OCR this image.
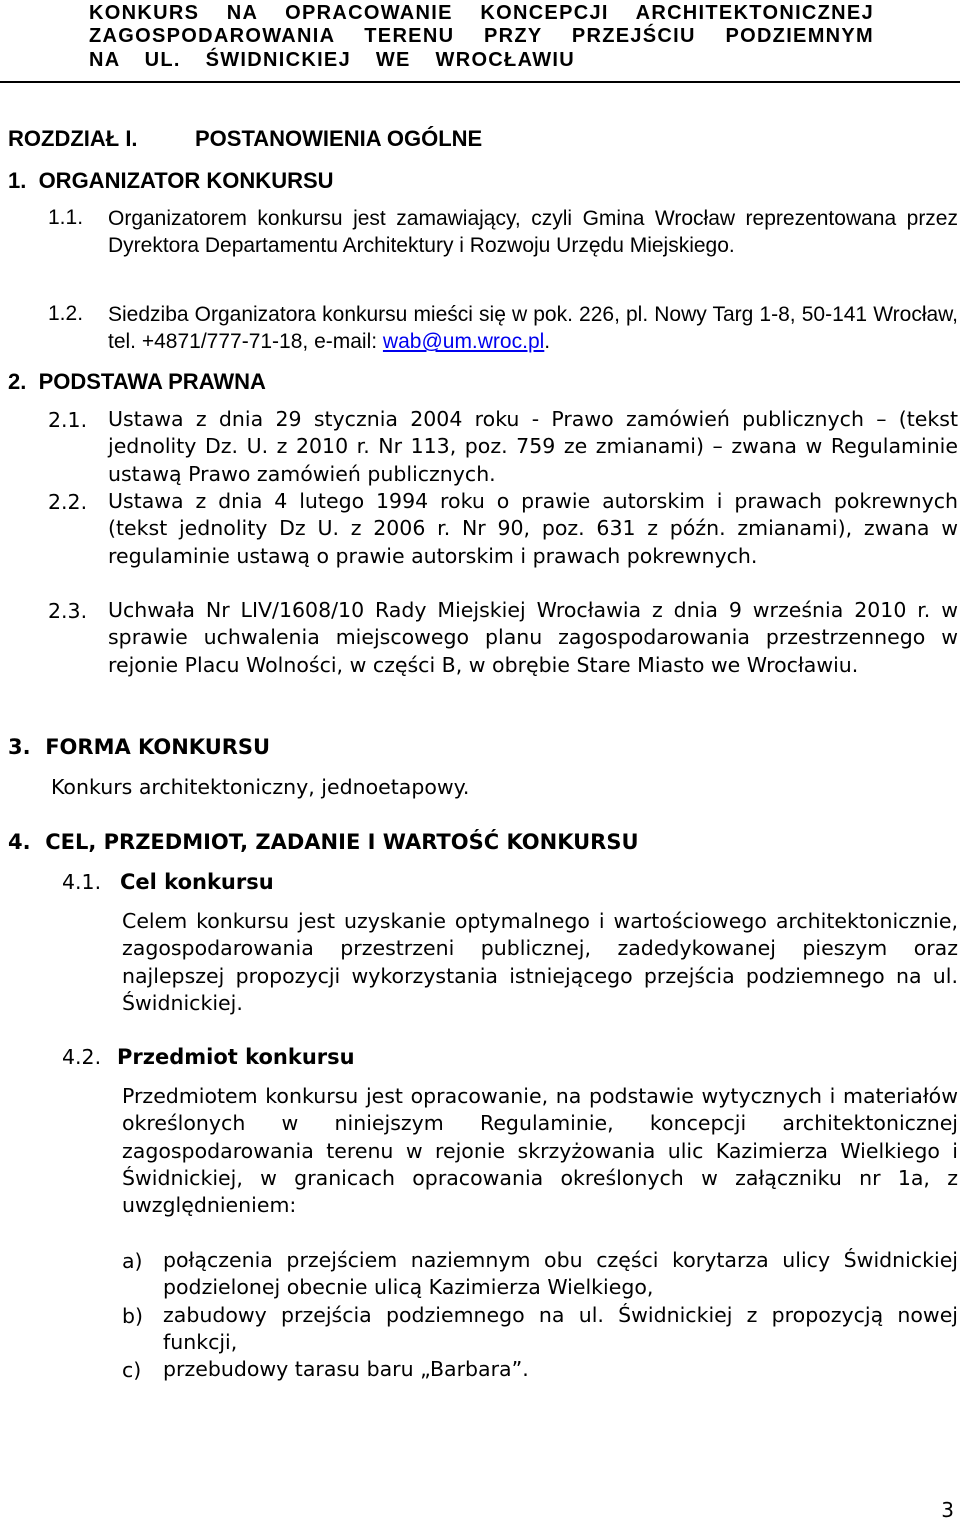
KONKURS NA OPRACOWANIE KONCEPCJI ARCHITEKTONICZNEJ
ZAGOSPODAROWANIA TERENU PRZY PRZEJŚCIU PODZIEMNYM
NA UL. ŚWIDNICKIEJ WE WROCŁAWIU
ROZDZIAŁ I.	POSTANOWIENIA OGÓLNE
1.  ORGANIZATOR KONKURSU
1.1. Organizatorem konkursu jest zamawiający, czyli Gmina Wrocław reprezentowana przez Dyrektora Departamentu Architektury i Rozwoju Urzędu Miejskiego.
1.2. Siedziba Organizatora konkursu mieści się w pok. 226, pl. Nowy Targ 1-8, 50-141 Wrocław, tel. +4871/777-71-18, e-mail: wab@um.wroc.pl.
2.  PODSTAWA PRAWNA
2.1. Ustawa z dnia 29 stycznia 2004 roku - Prawo zamówień publicznych – (tekst jednolity Dz. U. z 2010 r. Nr 113, poz. 759 ze zmianami) – zwana w Regulaminie ustawą Prawo zamówień publicznych.
2.2. Ustawa z dnia 4 lutego 1994 roku o prawie autorskim i prawach pokrewnych (tekst jednolity Dz U. z 2006 r. Nr 90, poz. 631 z późn. zmianami), zwana w regulaminie ustawą o prawie autorskim i prawach pokrewnych.
2.3. Uchwała Nr LIV/1608/10 Rady Miejskiej Wrocławia z dnia 9 września 2010 r. w sprawie uchwalenia miejscowego planu zagospodarowania przestrzennego w rejonie Placu Wolności, w części B, w obrębie Stare Miasto we Wrocławiu.
3.  FORMA KONKURSU
Konkurs architektoniczny, jednoetapowy.
4.  CEL, PRZEDMIOT, ZADANIE I WARTOŚĆ KONKURSU
4.1. Cel konkursu
Celem konkursu jest uzyskanie optymalnego i wartościowego architektonicznie, zagospodarowania przestrzeni publicznej, zadedykowanej pieszym oraz najlepszej propozycji wykorzystania istniejącego przejścia podziemnego na ul. Świdnickiej.
4.2. Przedmiot konkursu
Przedmiotem konkursu jest opracowanie, na podstawie wytycznych i materiałów określonych w niniejszym Regulaminie, koncepcji architektonicznej zagospodarowania terenu w rejonie skrzyżowania ulic Kazimierza Wielkiego i Świdnickiej, w granicach opracowania określonych w załączniku nr 1a, z uwzględnieniem:
a) połączenia przejściem naziemnym obu części korytarza ulicy Świdnickiej podzielonej obecnie ulicą Kazimierza Wielkiego,
b) zabudowy przejścia podziemnego na ul. Świdnickiej z propozycją nowej funkcji,
c) przebudowy tarasu baru „Barbara”.
3
